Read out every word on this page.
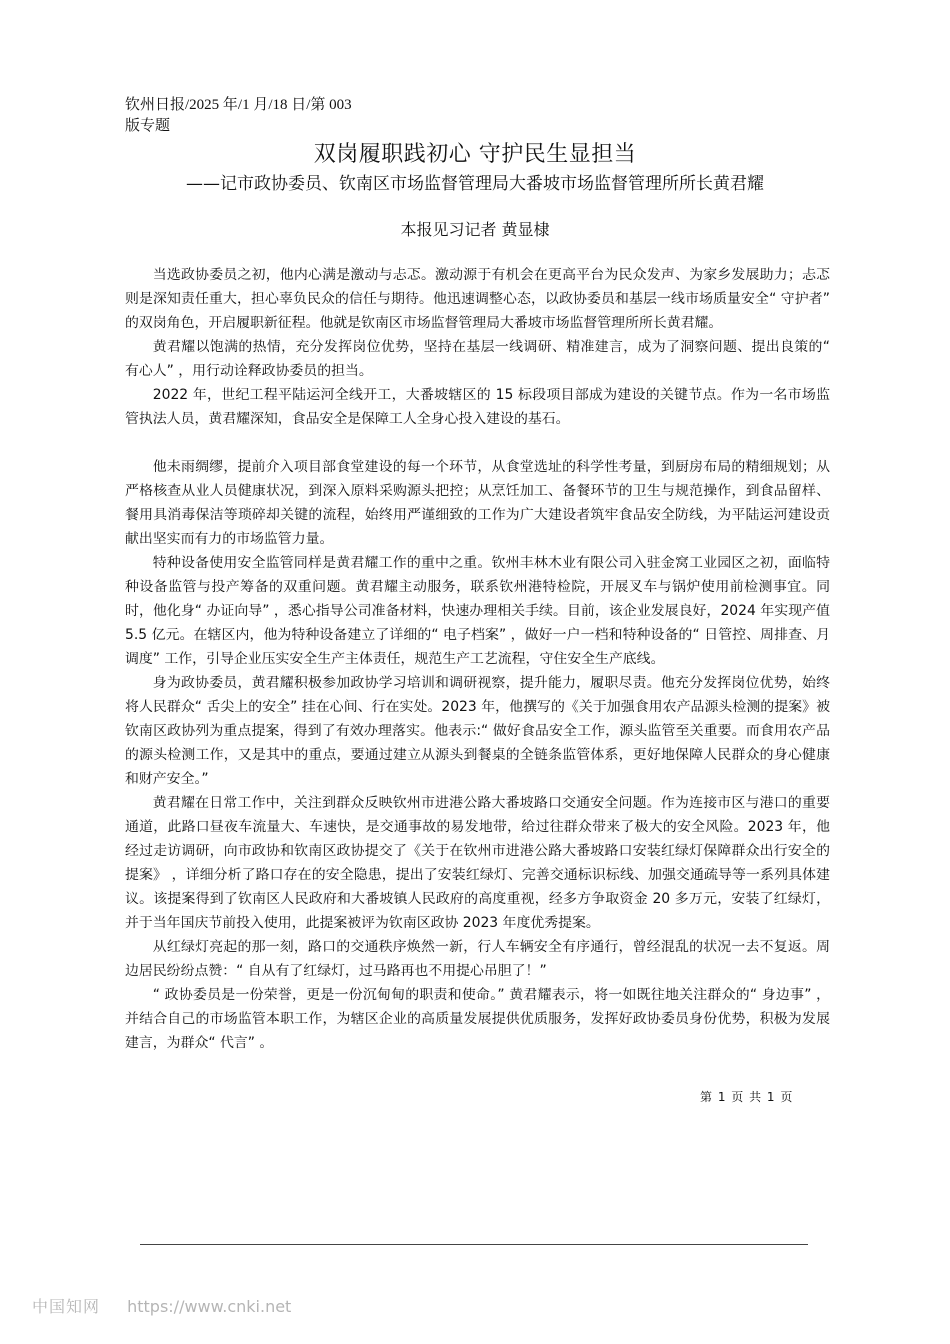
钦州日报/2025 年/1 月/18 日/第 003
版专题
双岗履职践初心 守护民生显担当
——记市政协委员、钦南区市场监督管理局大番坡市场监督管理所所长黄君耀
本报见习记者 黄显棣

当选政协委员之初，他内心满是激动与忐忑。激动源于有机会在更高平台为民众发声、为家乡发展助力；忐忑则是深知责任重大，担心辜负民众的信任与期待。他迅速调整心态，以政协委员和基层一线市场质量安全“ 守护者” 的双岗角色，开启履职新征程。他就是钦南区市场监督管理局大番坡市场监督管理所所长黄君耀。

黄君耀以饱满的热情，充分发挥岗位优势，坚持在基层一线调研、精准建言，成为了洞察问题、提出良策的“ 有心人” ，用行动诠释政协委员的担当。

2022 年，世纪工程平陆运河全线开工，大番坡辖区的 15 标段项目部成为建设的关键节点。作为一名市场监管执法人员，黄君耀深知，食品安全是保障工人全身心投入建设的基石。

他未雨绸缪，提前介入项目部食堂建设的每一个环节，从食堂选址的科学性考量，到厨房布局的精细规划；从严格核查从业人员健康状况，到深入原料采购源头把控；从烹饪加工、备餐环节的卫生与规范操作，到食品留样、餐用具消毒保洁等琐碎却关键的流程，始终用严谨细致的工作为广大建设者筑牢食品安全防线，为平陆运河建设贡献出坚实而有力的市场监管力量。

特种设备使用安全监管同样是黄君耀工作的重中之重。钦州丰林木业有限公司入驻金窝工业园区之初，面临特种设备监管与投产筹备的双重问题。黄君耀主动服务，联系钦州港特检院，开展叉车与锅炉使用前检测事宜。同时，他化身“ 办证向导” ，悉心指导公司准备材料，快速办理相关手续。目前，该企业发展良好，2024 年实现产值 5.5 亿元。在辖区内，他为特种设备建立了详细的“ 电子档案” ，做好一户一档和特种设备的“ 日管控、周排查、月调度” 工作，引导企业压实安全生产主体责任，规范生产工艺流程，守住安全生产底线。

身为政协委员，黄君耀积极参加政协学习培训和调研视察，提升能力，履职尽责。他充分发挥岗位优势，始终将人民群众“ 舌尖上的安全” 挂在心间、行在实处。2023 年，他撰写的《关于加强食用农产品源头检测的提案》被钦南区政协列为重点提案，得到了有效办理落实。他表示:“ 做好食品安全工作，源头监管至关重要。而食用农产品的源头检测工作，又是其中的重点，要通过建立从源头到餐桌的全链条监管体系，更好地保障人民群众的身心健康和财产安全。”

黄君耀在日常工作中，关注到群众反映钦州市进港公路大番坡路口交通安全问题。作为连接市区与港口的重要通道，此路口昼夜车流量大、车速快，是交通事故的易发地带，给过往群众带来了极大的安全风险。2023 年，他经过走访调研，向市政协和钦南区政协提交了《关于在钦州市进港公路大番坡路口安装红绿灯保障群众出行安全的提案》 ，详细分析了路口存在的安全隐患，提出了安装红绿灯、完善交通标识标线、加强交通疏导等一系列具体建议。该提案得到了钦南区人民政府和大番坡镇人民政府的高度重视，经多方争取资金 20 多万元，安装了红绿灯，并于当年国庆节前投入使用，此提案被评为钦南区政协 2023 年度优秀提案。

从红绿灯亮起的那一刻，路口的交通秩序焕然一新，行人车辆安全有序通行，曾经混乱的状况一去不复返。周边居民纷纷点赞：“ 自从有了红绿灯，过马路再也不用提心吊胆了！”

“ 政协委员是一份荣誉，更是一份沉甸甸的职责和使命。” 黄君耀表示，将一如既往地关注群众的“ 身边事” ，并结合自己的市场监管本职工作，为辖区企业的高质量发展提供优质服务，发挥好政协委员身份优势，积极为发展建言，为群众“ 代言” 。

第 1 页 共 1 页
中国知网 https://www.cnki.net
